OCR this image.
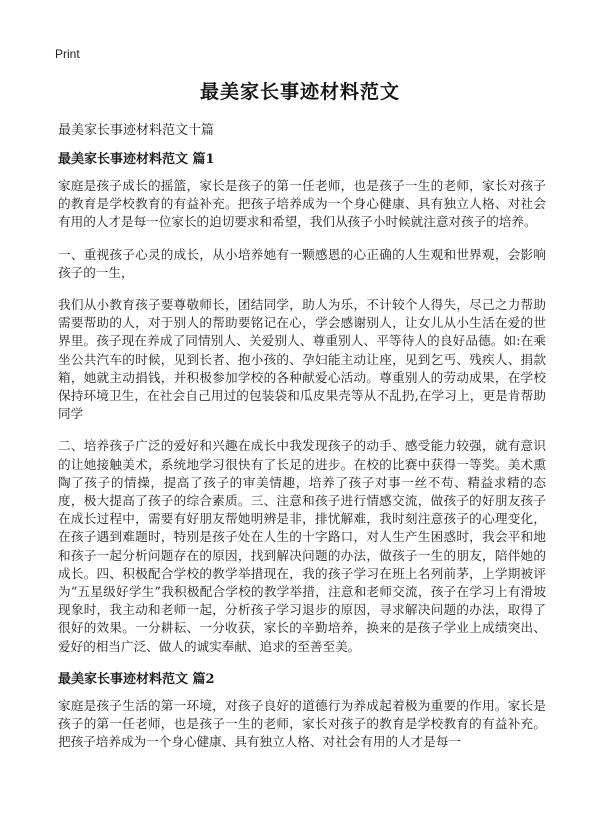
Print
最美家长事迹材料范文

最美家长事迹材料范文十篇

最美家长事迹材料范文 篇1

家庭是孩子成长的摇篮，家长是孩子的第一任老师，也是孩子一生的老师，家长对孩子的教育是学校教育的有益补充。把孩子培养成为一个身心健康、具有独立人格、对社会有用的人才是每一位家长的迫切要求和希望，我们从孩子小时候就注意对孩子的培养。

一、重视孩子心灵的成长，从小培养她有一颗感恩的心正确的人生观和世界观，会影响孩子的一生，

我们从小教育孩子要尊敬师长，团结同学，助人为乐，不计较个人得失，尽己之力帮助需要帮助的人，对于别人的帮助要铭记在心，学会感谢别人，让女儿从小生活在爱的世界里。孩子现在养成了同情别人、关爱别人、尊重别人、平等待人的良好品德。如:在乘坐公共汽车的时候，见到长者、抱小孩的、孕妇能主动让座，见到乞丐、残疾人、捐款箱，她就主动捐钱，并积极参加学校的各种献爱心活动。尊重别人的劳动成果，在学校保持环境卫生，在社会自己用过的包装袋和瓜皮果壳等从不乱扔,在学习上，更是肯帮助同学

二、培养孩子广泛的爱好和兴趣在成长中我发现孩子的动手、感受能力较强，就有意识的让她接触美术，系统地学习很快有了长足的进步。在校的比赛中获得一等奖。美术熏陶了孩子的情操，提高了孩子的审美情趣，培养了孩子对事一丝不苟、精益求精的态度，极大提高了孩子的综合素质。三、注意和孩子进行情感交流，做孩子的好朋友孩子在成长过程中，需要有好朋友帮她明辨是非，排忧解难，我时刻注意孩子的心理变化，在孩子遇到难题时，特别是孩子处在人生的十字路口，对人生产生困惑时，我会平和地和孩子一起分析问题存在的原因，找到解决问题的办法，做孩子一生的朋友，陪伴她的成长。四、积极配合学校的教学举措现在，我的孩子学习在班上名列前茅，上学期被评为“五星级好学生”我积极配合学校的教学举措，注意和老师交流，孩子在学习上有滑坡现象时，我主动和老师一起，分析孩子学习退步的原因，寻求解决问题的办法，取得了很好的效果。一分耕耘、一分收获，家长的辛勤培养，换来的是孩子学业上成绩突出、爱好的相当广泛、做人的诚实奉献、追求的至善至美。

最美家长事迹材料范文 篇2

家庭是孩子生活的第一环境，对孩子良好的道德行为养成起着极为重要的作用。家长是孩子的第一任老师，也是孩子一生的老师，家长对孩子的教育是学校教育的有益补充。把孩子培养成为一个身心健康、具有独立人格、对社会有用的人才是每一
